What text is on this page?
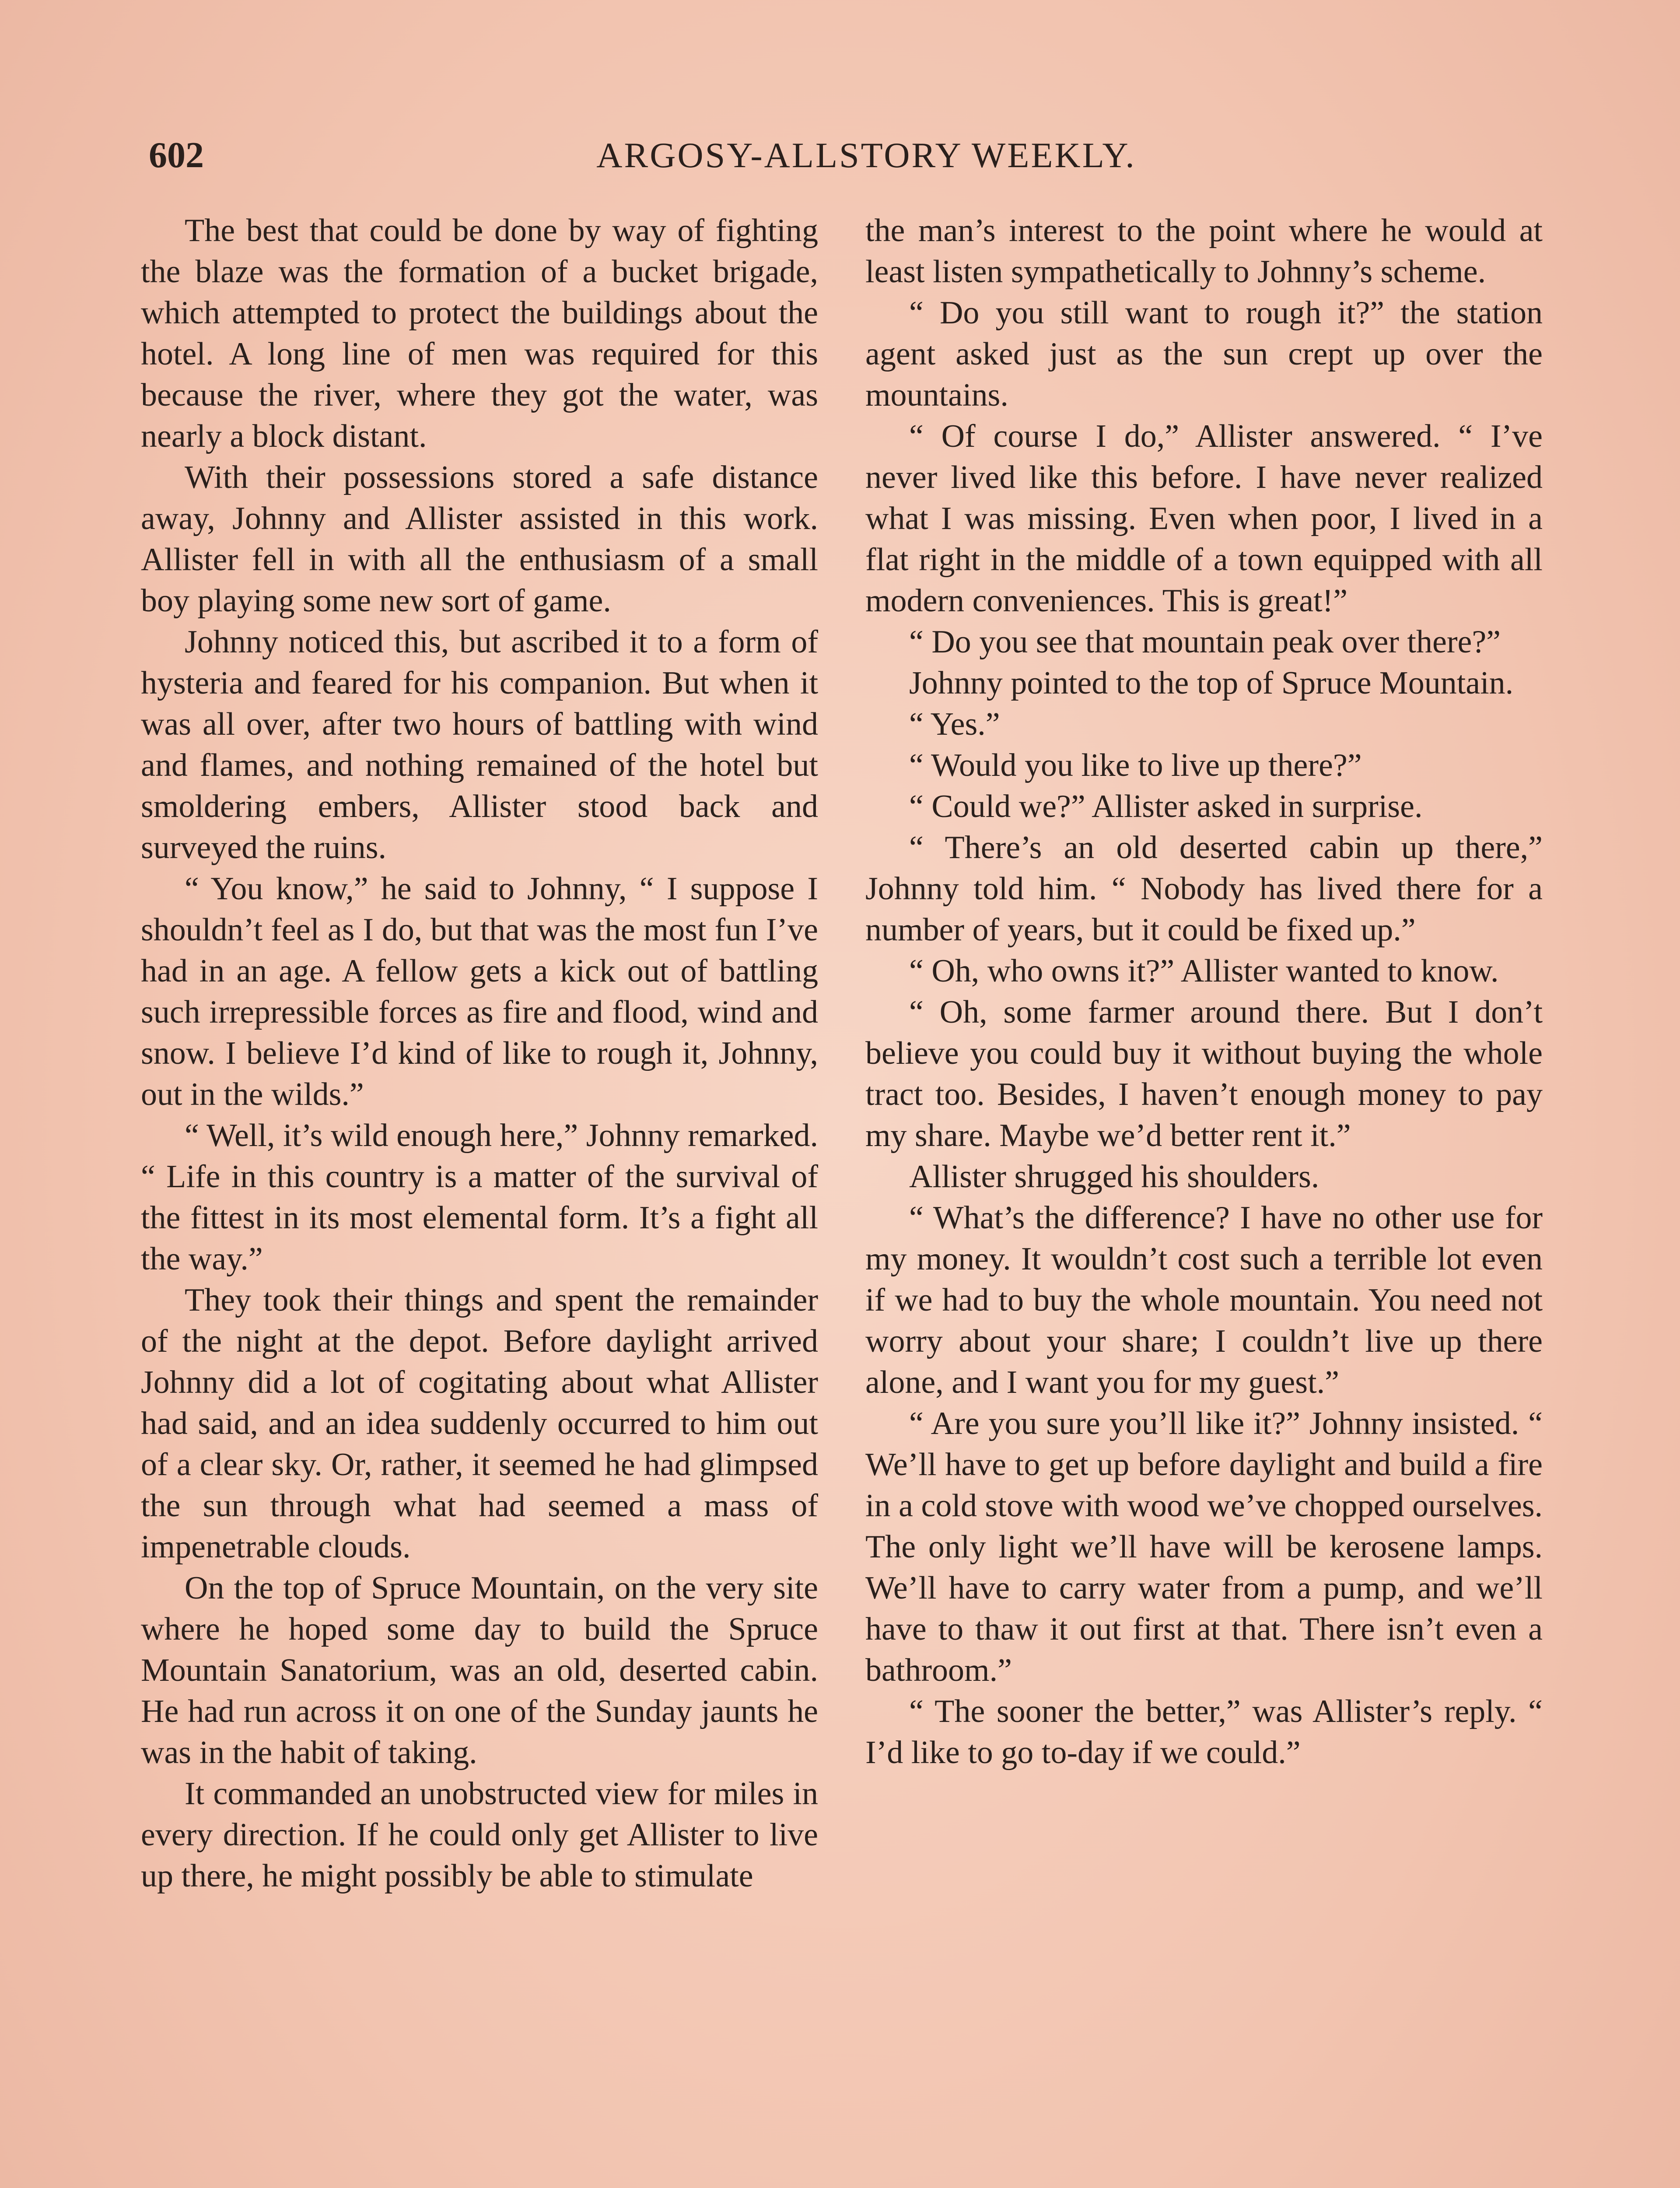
602	ARGOSY-ALLSTORY WEEKLY.

The best that could be done by way of fighting the blaze was the formation of a bucket brigade, which attempted to protect the buildings about the hotel. A long line of men was required for this because the river, where they got the water, was nearly a block distant.

With their possessions stored a safe distance away, Johnny and Allister assisted in this work. Allister fell in with all the enthusiasm of a small boy playing some new sort of game.

Johnny noticed this, but ascribed it to a form of hysteria and feared for his companion. But when it was all over, after two hours of battling with wind and flames, and nothing remained of the hotel but smoldering embers, Allister stood back and surveyed the ruins.

“ You know,” he said to Johnny, “ I suppose I shouldn’t feel as I do, but that was the most fun I’ve had in an age. A fellow gets a kick out of battling such irrepressible forces as fire and flood, wind and snow. I believe I’d kind of like to rough it, Johnny, out in the wilds.”

“ Well, it’s wild enough here,” Johnny remarked. “ Life in this country is a matter of the survival of the fittest in its most elemental form. It’s a fight all the way.”

They took their things and spent the remainder of the night at the depot. Before daylight arrived Johnny did a lot of cogitating about what Allister had said, and an idea suddenly occurred to him out of a clear sky. Or, rather, it seemed he had glimpsed the sun through what had seemed a mass of impenetrable clouds.

On the top of Spruce Mountain, on the very site where he hoped some day to build the Spruce Mountain Sanatorium, was an old, deserted cabin. He had run across it on one of the Sunday jaunts he was in the habit of taking.

It commanded an unobstructed view for miles in every direction. If he could only get Allister to live up there, he might possibly be able to stimulate

the man’s interest to the point where he would at least listen sympathetically to Johnny’s scheme.

“ Do you still want to rough it?” the station agent asked just as the sun crept up over the mountains.

“ Of course I do,” Allister answered. “ I’ve never lived like this before. I have never realized what I was missing. Even when poor, I lived in a flat right in the middle of a town equipped with all modern conveniences. This is great!”

“ Do you see that mountain peak over there?”

Johnny pointed to the top of Spruce Mountain.

“ Yes.”

“ Would you like to live up there?”

“ Could we?” Allister asked in surprise.

“ There’s an old deserted cabin up there,” Johnny told him. “ Nobody has lived there for a number of years, but it could be fixed up.”

“ Oh, who owns it?” Allister wanted to know.

“ Oh, some farmer around there. But I don’t believe you could buy it without buying the whole tract too. Besides, I haven’t enough money to pay my share. Maybe we’d better rent it.”

Allister shrugged his shoulders.

“ What’s the difference? I have no other use for my money. It wouldn’t cost such a terrible lot even if we had to buy the whole mountain. You need not worry about your share; I couldn’t live up there alone, and I want you for my guest.”

“ Are you sure you’ll like it?” Johnny insisted. “ We’ll have to get up before daylight and build a fire in a cold stove with wood we’ve chopped ourselves. The only light we’ll have will be kerosene lamps. We’ll have to carry water from a pump, and we’ll have to thaw it out first at that. There isn’t even a bathroom.”

“ The sooner the better,” was Allister’s reply. “ I’d like to go to-day if we could.”
